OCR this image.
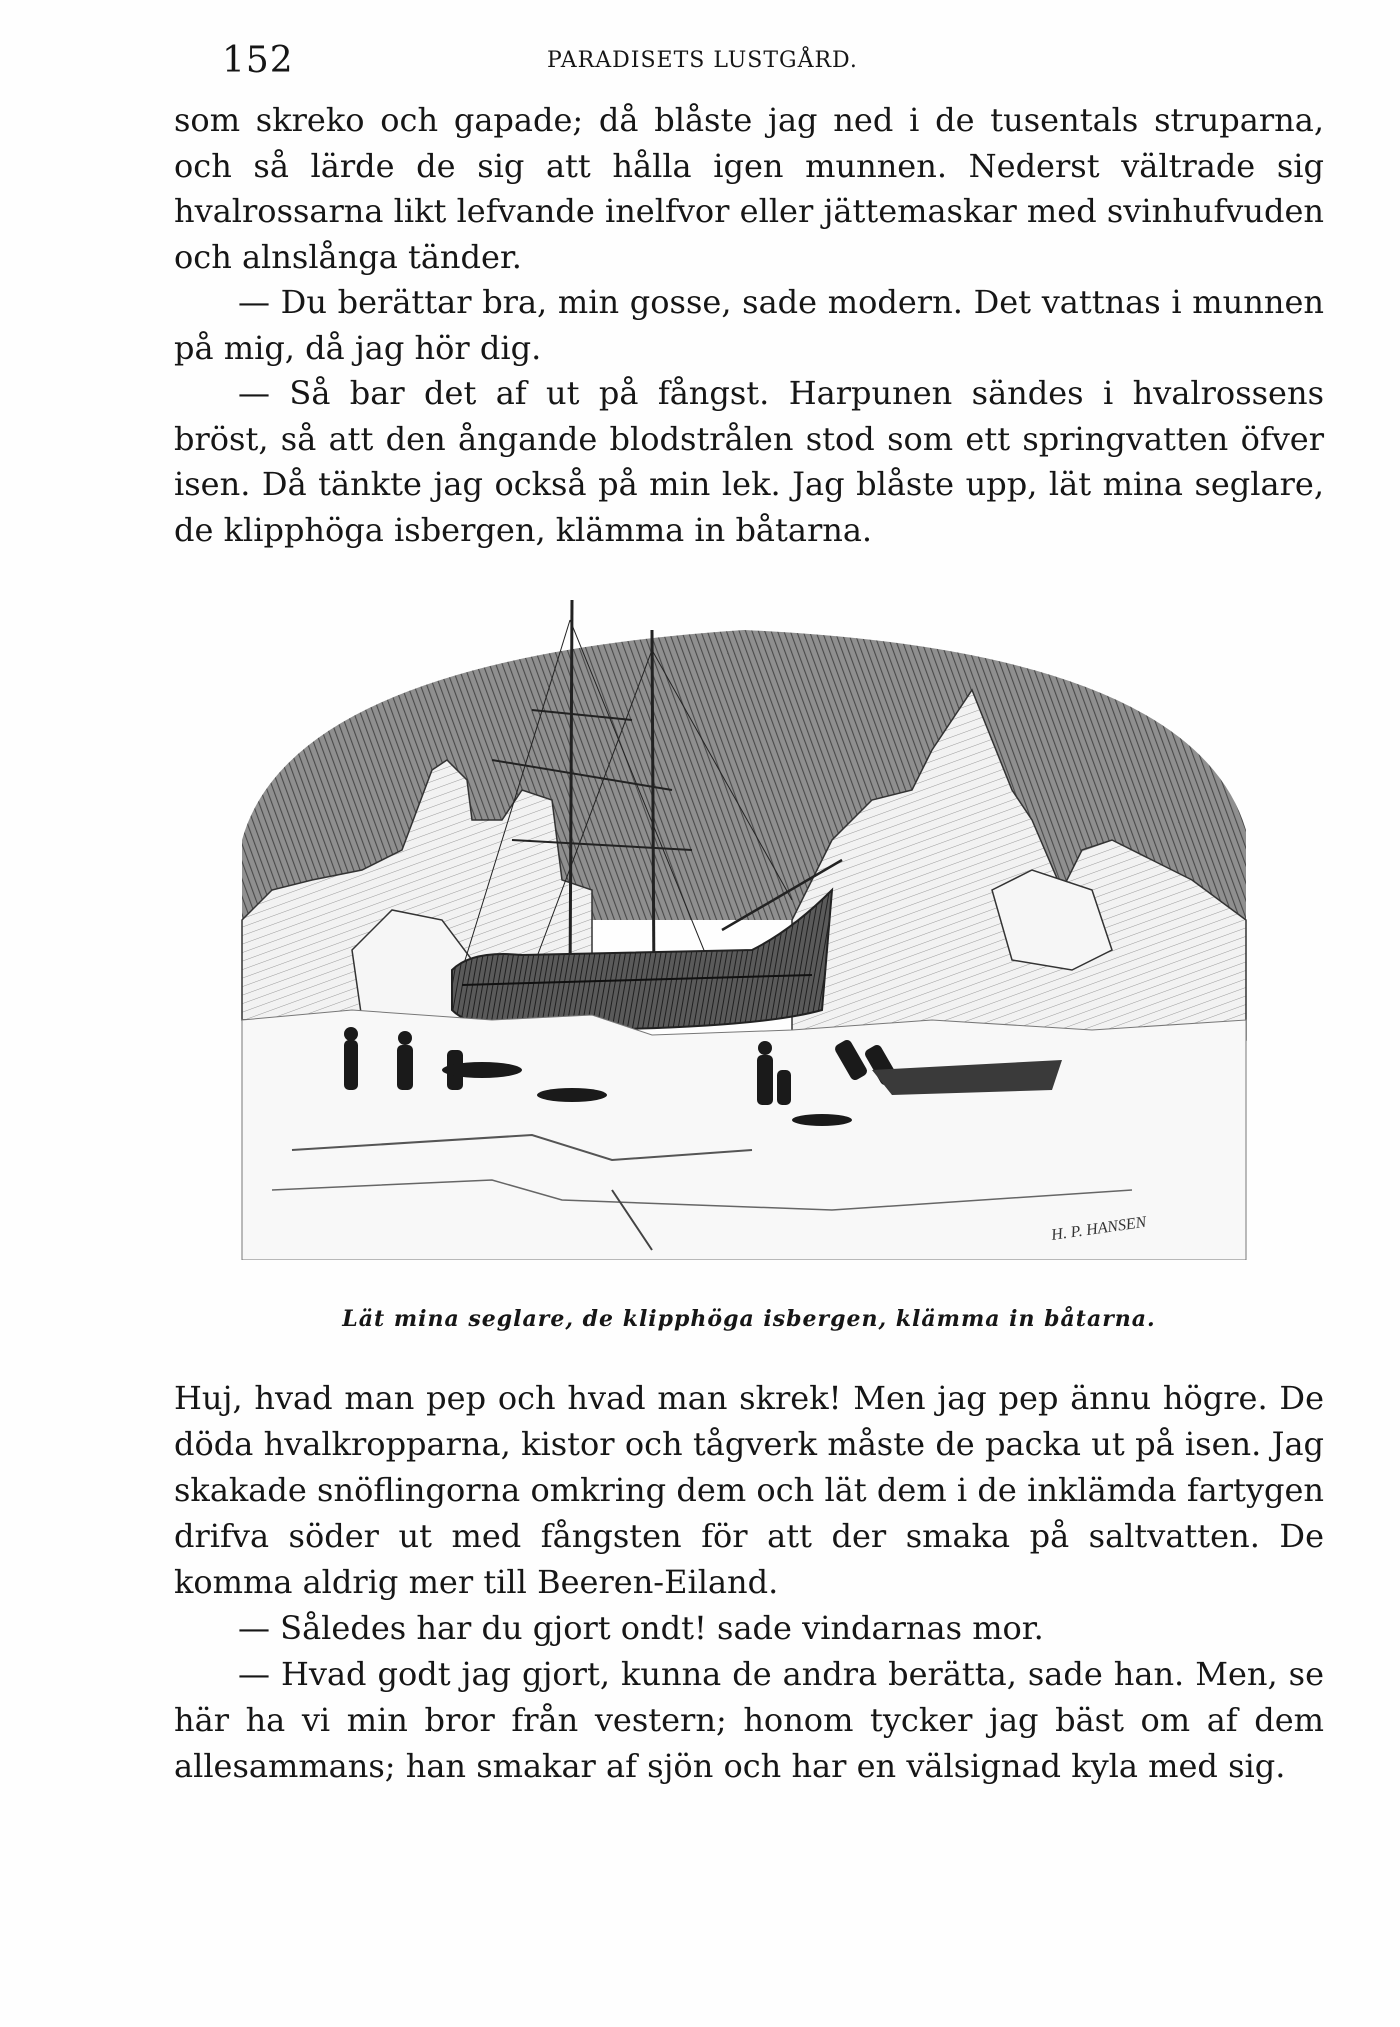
152	PARADISETS LUSTGÅRD.

som skreko och gapade; då blåste jag ned i de tusentals struparna, och så lärde de sig att hålla igen munnen. Nederst vältrade sig hvalrossarna likt lefvande inelfvor eller jättemaskar med svinhufvuden och alnslånga tänder.

— Du berättar bra, min gosse, sade modern. Det vattnas i munnen på mig, då jag hör dig.

— Så bar det af ut på fångst. Harpunen sändes i hvalrossens bröst, så att den ångande blodstrålen stod som ett springvatten öfver isen. Då tänkte jag också på min lek. Jag blåste upp, lät mina seglare, de klipphöga isbergen, klämma in båtarna.

H. P. HANSEN
Lät mina seglare, de klipphöga isbergen, klämma in båtarna.

Huj, hvad man pep och hvad man skrek! Men jag pep ännu högre. De döda hvalkropparna, kistor och tågverk måste de packa ut på isen. Jag skakade snöflingorna omkring dem och lät dem i de inklämda fartygen drifva söder ut med fångsten för att der smaka på saltvatten. De komma aldrig mer till Beeren-Eiland.

— Således har du gjort ondt! sade vindarnas mor.

— Hvad godt jag gjort, kunna de andra berätta, sade han. Men, se här ha vi min bror från vestern; honom tycker jag bäst om af dem allesammans; han smakar af sjön och har en välsignad kyla med sig.
